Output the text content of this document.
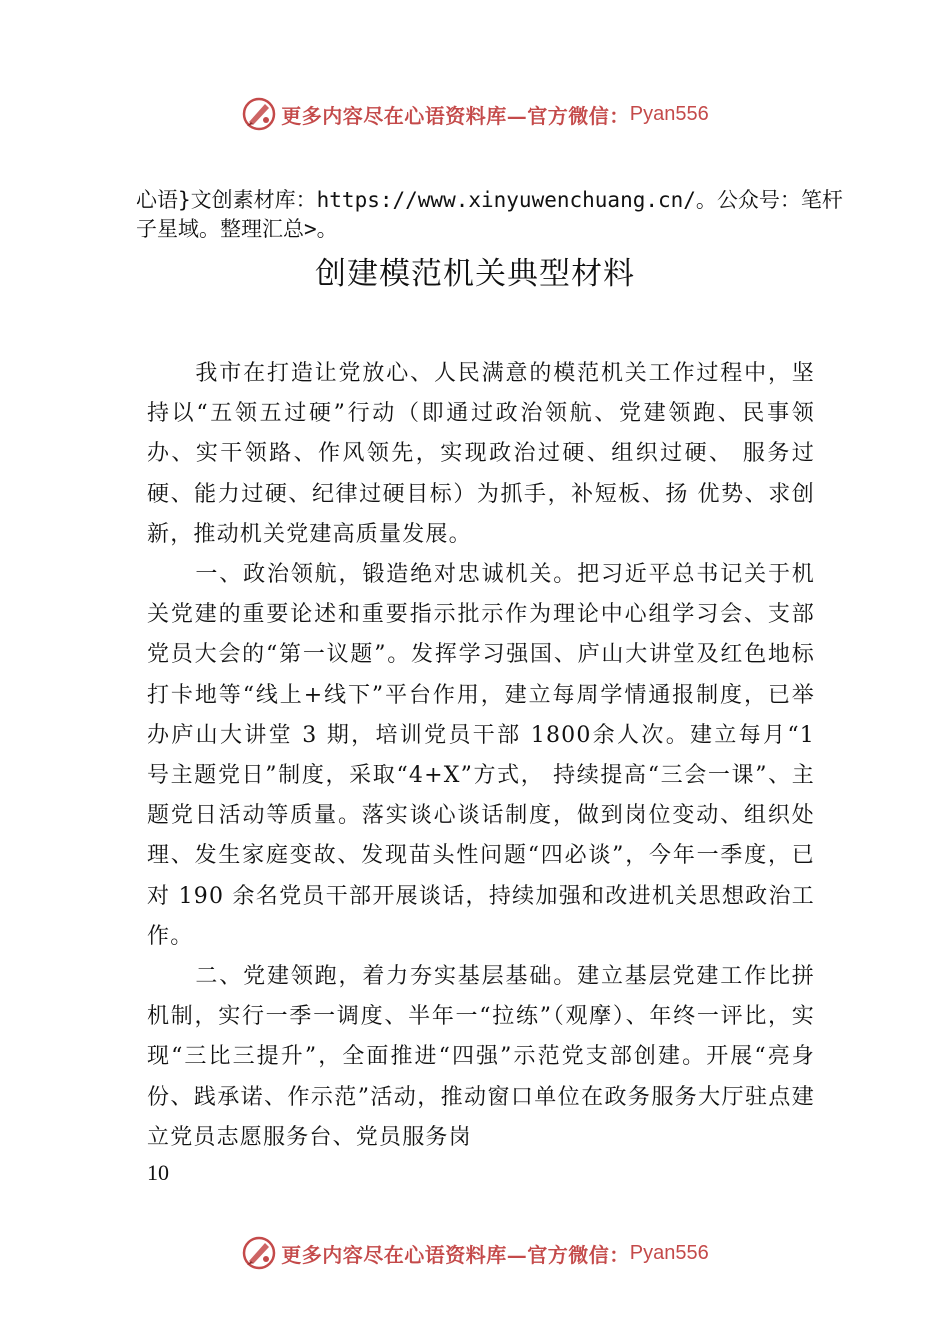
更多内容尽在心语资料库—官方微信： Pyan556
心语}文创素材库：https://www.xinyuwenchuang.cn/。公众号：笔杆子星域。整理汇总>。
创建模范机关典型材料

我市在打造让党放心、人民满意的模范机关工作过程中，坚持以“五领五过硬”行动（即通过政治领航、党建领跑、民事领办、实干领路、作风领先，实现政治过硬、组织过硬、 服务过硬、能力过硬、纪律过硬目标）为抓手，补短板、扬 优势、求创新，推动机关党建高质量发展。

一、政治领航，锻造绝对忠诚机关。把习近平总书记关于机关党建的重要论述和重要指示批示作为理论中心组学习会、支部党员大会的“第一议题”。发挥学习强国、庐山大讲堂及红色地标打卡地等“线上+线下”平台作用，建立每周学情通报制度，已举办庐山大讲堂 3 期，培训党员干部 1800余人次。建立每月“1 号主题党日”制度，采取“4+X”方式， 持续提高“三会一课”、主题党日活动等质量。落实谈心谈话制度，做到岗位变动、组织处理、发生家庭变故、发现苗头性问题“四必谈”，今年一季度，已对 190 余名党员干部开展谈话，持续加强和改进机关思想政治工作。

二、党建领跑，着力夯实基层基础。建立基层党建工作比拼机制，实行一季一调度、半年一“拉练”（观摩）、年终一评比，实现“三比三提升”，全面推进“四强”示范党支部创建。开展“亮身份、践承诺、作示范”活动，推动窗口单位在政务服务大厅驻点建立党员志愿服务台、党员服务岗

10
更多内容尽在心语资料库—官方微信： Pyan556
